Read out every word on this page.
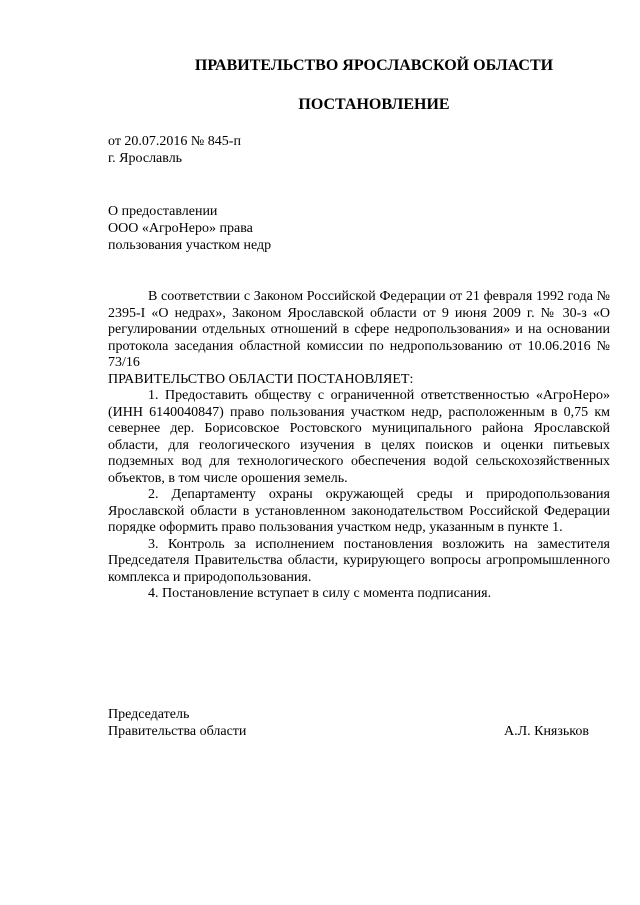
ПРАВИТЕЛЬСТВО ЯРОСЛАВСКОЙ ОБЛАСТИ
ПОСТАНОВЛЕНИЕ
от 20.07.2016 № 845-п
г. Ярославль
О предоставлении
ООО «АгроНеро» права
пользования участком недр

В соответствии с Законом Российской Федерации от 21 февраля 1992 года № 2395-I «О недрах», Законом Ярославской области от 9 июня 2009 г. № 30-з «О регулировании отдельных отношений в сфере недропользования» и на основании протокола заседания областной комиссии по недропользованию от 10.06.2016 № 73/16

ПРАВИТЕЛЬСТВО ОБЛАСТИ ПОСТАНОВЛЯЕТ:

1. Предоставить обществу с ограниченной ответственностью «АгроНеро» (ИНН 6140040847) право пользования участком недр, расположенным в 0,75 км севернее дер. Борисовское Ростовского муниципального района Ярославской области, для геологического изучения в целях поисков и оценки питьевых подземных вод для технологического обеспечения водой сельскохозяйственных объектов, в том числе орошения земель.

2. Департаменту охраны окружающей среды и природопользования Ярославской области в установленном законодательством Российской Федерации порядке оформить право пользования участком недр, указанным в пункте 1.

3. Контроль за исполнением постановления возложить на заместителя Председателя Правительства области, курирующего вопросы агропромышленного комплекса и природопользования.

4. Постановление вступает в силу с момента подписания.

Председатель
Правительства области	А.Л. Князьков
